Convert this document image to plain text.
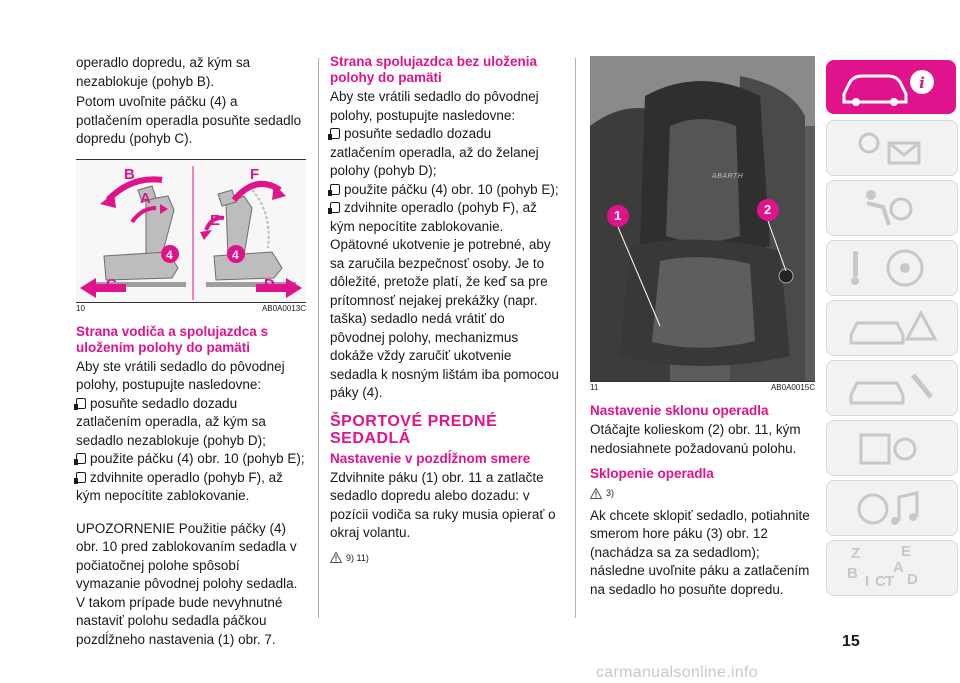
operadlo dopredu, až kým sa nezablokuje (pohyb B).

Potom uvoľnite páčku (4) a potlačením operadla posuňte sedadlo dopredu (pohyb C).

B
A
C
4
F
E
D
4
10	AB0A0013C

Strana vodiča a spolujazdca s uložením polohy do pamäti

Aby ste vrátili sedadlo do pôvodnej polohy, postupujte nasledovne:

posuňte sedadlo dozadu zatlačením operadla, až kým sa sedadlo nezablokuje (pohyb D);

použite páčku (4) obr. 10 (pohyb E);

zdvihnite operadlo (pohyb F), až kým nepocítite zablokovanie.

UPOZORNENIE Použitie páčky (4) obr. 10 pred zablokovaním sedadla v počiatočnej polohe spôsobí vymazanie pôvodnej polohy sedadla. V takom prípade bude nevyhnutné nastaviť polohu sedadla páčkou pozdĺžneho nastavenia (1) obr. 7.

Strana spolujazdca bez uloženia polohy do pamäti

Aby ste vrátili sedadlo do pôvodnej polohy, postupujte nasledovne:

posuňte sedadlo dozadu zatlačením operadla, až do želanej polohy (pohyb D);

použite páčku (4) obr. 10 (pohyb E);

zdvihnite operadlo (pohyb F), až kým nepocítite zablokovanie. Opätovné ukotvenie je potrebné, aby sa zaručila bezpečnosť osoby. Je to dôležité, pretože platí, že keď sa pre prítomnosť nejakej prekážky (napr. taška) sedadlo nedá vrátiť do pôvodnej polohy, mechanizmus dokáže vždy zaručiť ukotvenie sedadla k nosným lištám iba pomocou páky (4).

ŠPORTOVÉ PREDNÉ SEDADLÁ

Nastavenie v pozdĺžnom smere

Zdvihnite páku (1) obr. 11 a zatlačte sedadlo dopredu alebo dozadu: v pozícii vodiča sa ruky musia opierať o okraj volantu.

9) 11)
1	2
ABARTH
11	AB0A0015C

Nastavenie sklonu operadla

Otáčajte kolieskom (2) obr. 11, kým nedosiahnete požadovanú polohu.

Sklopenie operadla

3)

Ak chcete sklopiť sedadlo, potiahnite smerom hore páku (3) obr. 12 (nachádza sa za sedadlom); následne uvoľnite páku a zatlačením na sedadlo ho posuňte dopredu.

i
Z	E
B A
I C T D
15
carmanualsonline.info
